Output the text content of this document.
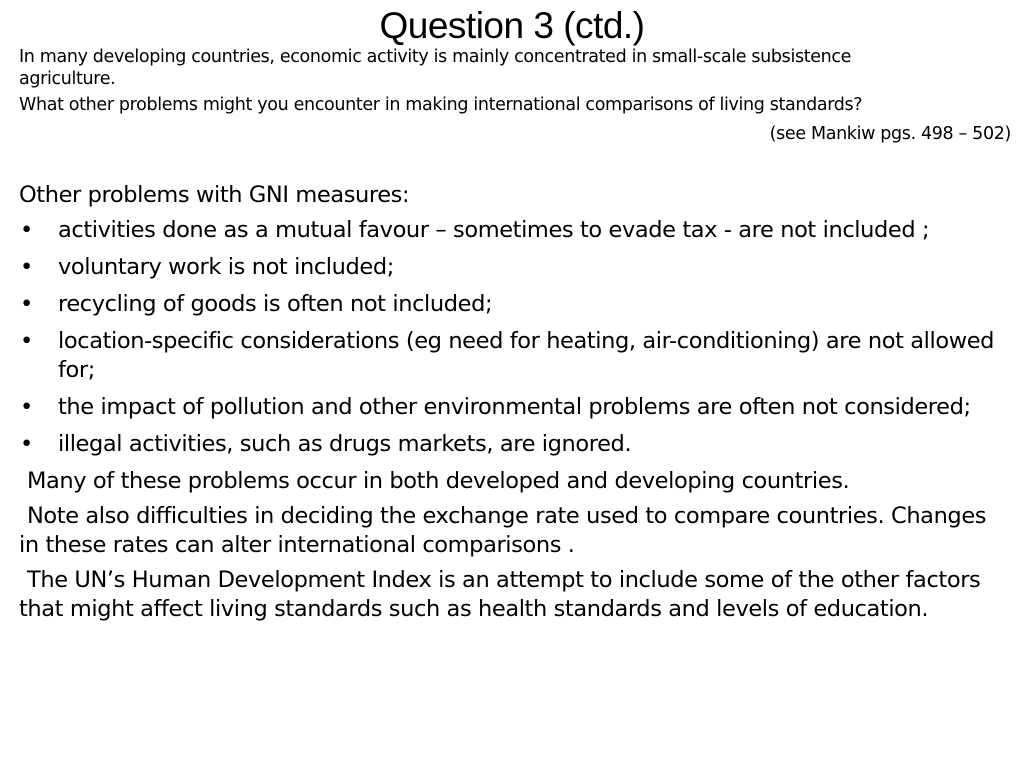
Question 3 (ctd.)

In many developing countries, economic activity is mainly concentrated in small-scale subsistence agriculture.

What other problems might you encounter in making international comparisons of living standards?

(see Mankiw pgs. 498 – 502)

Other problems with GNI measures:

• activities done as a mutual favour – sometimes to evade tax - are not included ;
• voluntary work is not included;
• recycling of goods is often not included;
• location-specific considerations (eg need for heating, air-conditioning) are not allowed for;
• the impact of pollution and other environmental problems are often not considered;
• illegal activities, such as drugs markets, are ignored.

Many of these problems occur in both developed and developing countries.

Note also difficulties in deciding the exchange rate used to compare countries. Changes in these rates can alter international comparisons .

The UN’s Human Development Index is an attempt to include some of the other factors that might affect living standards such as health standards and levels of education.
